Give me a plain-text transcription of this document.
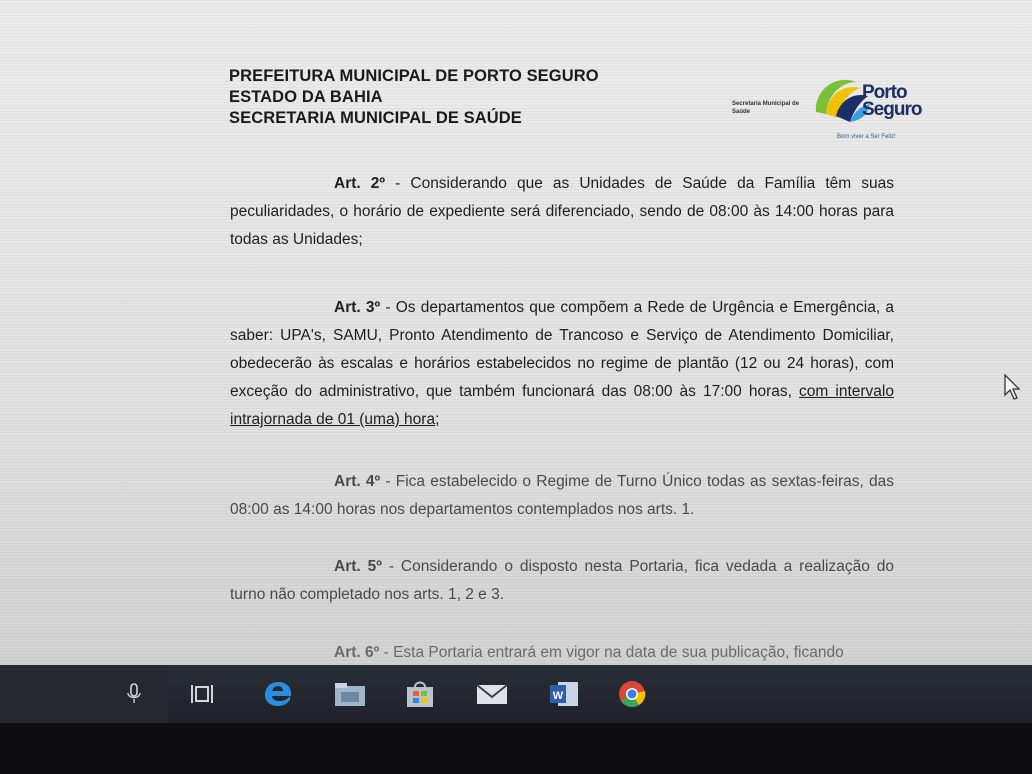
PREFEITURA MUNICIPAL DE PORTO SEGURO
ESTADO DA BAHIA
SECRETARIA MUNICIPAL DE SAÚDE
Secretaria Municipal de Saúde
Porto
Seguro
Bom viver a Ser Feliz!
Art. 2º - Considerando que as Unidades de Saúde da Família têm suas peculiaridades, o horário de expediente será diferenciado, sendo de 08:00 às 14:00 horas para todas as Unidades;
Art. 3º - Os departamentos que compõem a Rede de Urgência e Emergência, a saber: UPA's, SAMU, Pronto Atendimento de Trancoso e Serviço de Atendimento Domiciliar, obedecerão às escalas e horários estabelecidos no regime de plantão (12 ou 24 horas), com exceção do administrativo, que também funcionará das 08:00 às 17:00 horas, com intervalo intrajornada de 01 (uma) hora;
Art. 4º - Fica estabelecido o Regime de Turno Único todas as sextas-feiras, das 08:00 as 14:00 horas nos departamentos contemplados nos arts. 1.
Art. 5º - Considerando o disposto nesta Portaria, fica vedada a realização do turno não completado nos arts. 1, 2 e 3.
Art. 6º - Esta Portaria entrará em vigor na data de sua publicação, ficando
W
